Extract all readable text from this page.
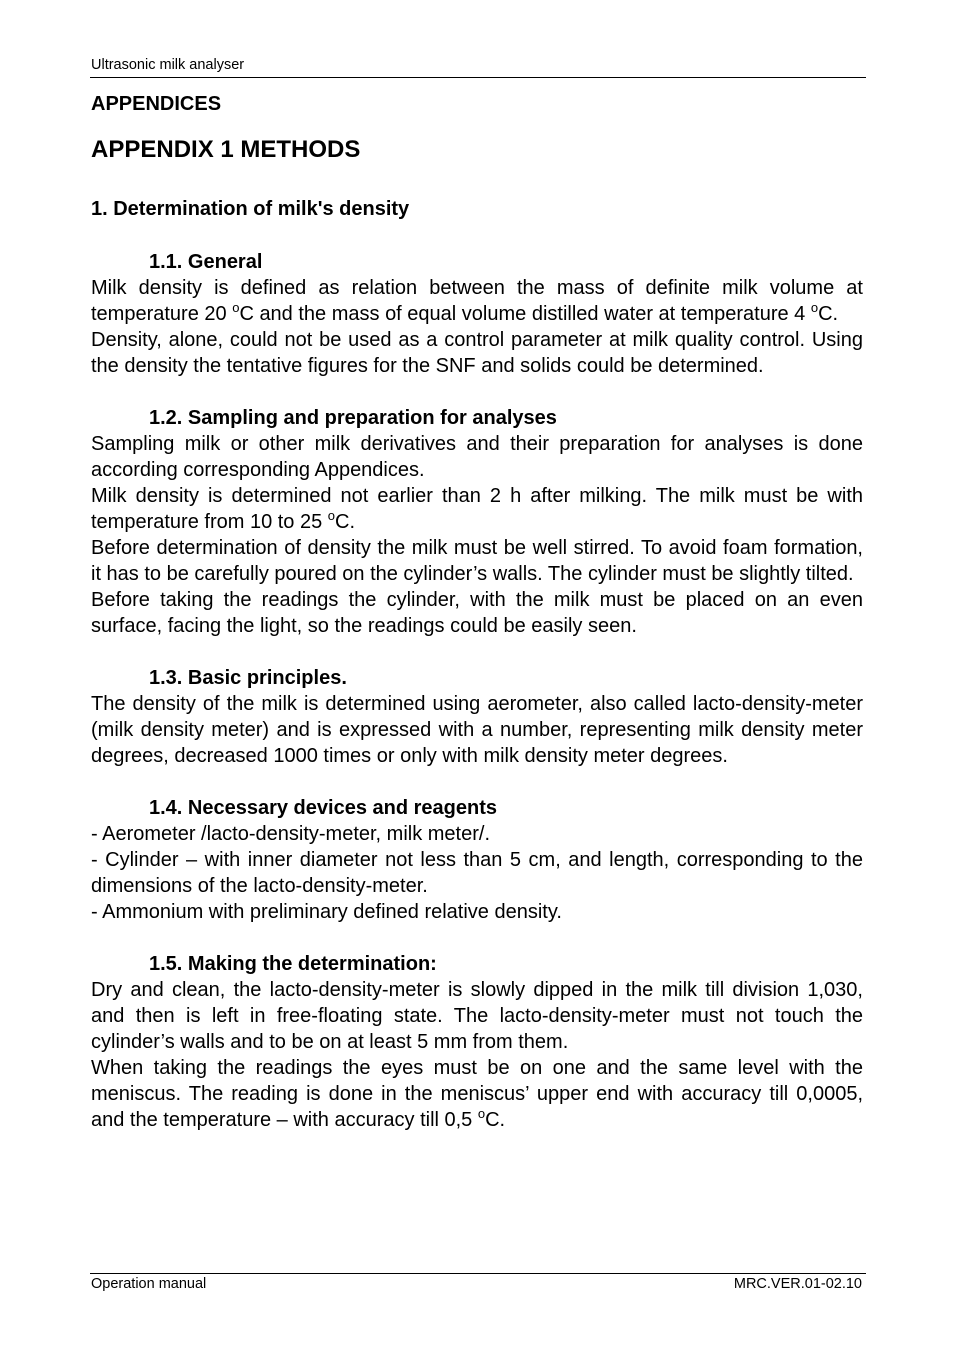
Ultrasonic milk analyser
APPENDICES
APPENDIX 1 METHODS
1. Determination of milk's density
1.1. General

Milk density is defined as relation between the mass of definite milk volume at temperature 20 $^o$C and the mass of equal volume distilled water at temperature 4 $^o$C.

Density, alone, could not be used as a control parameter at milk quality control. Using the density the tentative figures for the SNF and solids could be determined.

1.2. Sampling and preparation for analyses

Sampling milk or other milk derivatives and their preparation for analyses is done according corresponding Appendices.

Milk density is determined not earlier than 2 h after milking. The milk must be with temperature from 10 to 25 $^o$C.

Before determination of density the milk must be well stirred. To avoid foam formation, it has to be carefully poured on the cylinder’s walls. The cylinder must be slightly tilted.

Before taking the readings the cylinder, with the milk must be placed on an even surface, facing the light, so the readings could be easily seen.

1.3. Basic principles.

The density of the milk is determined using aerometer, also called lacto-density-meter (milk density meter) and is expressed with a number, representing milk density meter degrees, decreased 1000 times or only with milk density meter degrees.

1.4. Necessary devices and reagents

- Aerometer /lacto-density-meter, milk meter/.

- Cylinder – with inner diameter not less than 5 cm, and length, corresponding to the dimensions of the lacto-density-meter.

- Ammonium with preliminary defined relative density.

1.5. Making the determination:

Dry and clean, the lacto-density-meter is slowly dipped in the milk till division 1,030, and then is left in free-floating state. The lacto-density-meter must not touch the cylinder’s walls and to be on at least 5 mm from them.

When taking the readings the eyes must be on one and the same level with the meniscus. The reading is done in the meniscus’ upper end with accuracy till 0,0005, and the temperature – with accuracy till 0,5 $^o$C.

Operation manual	MRC.VER.01-02.10
